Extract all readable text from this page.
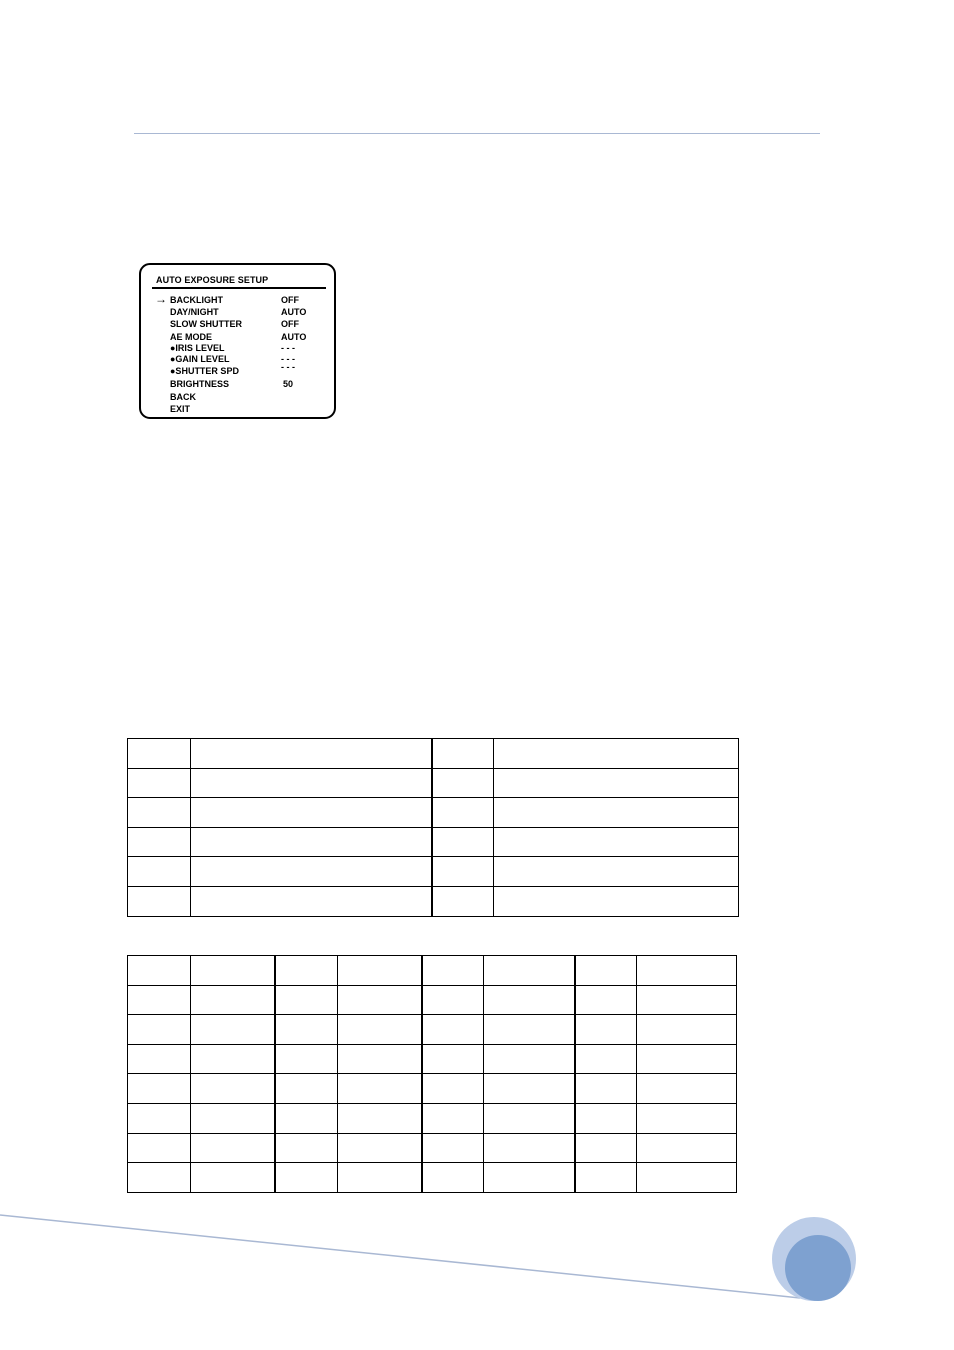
AUTO EXPOSURE SETUP
→ BACKLIGHT	OFF
DAY/NIGHT	AUTO
SLOW SHUTTER	OFF
AE MODE	AUTO
●IRIS LEVEL	- - -
●GAIN LEVEL	- - -
●SHUTTER SPD	- - -
BRIGHTNESS	50
BACK
EXIT
